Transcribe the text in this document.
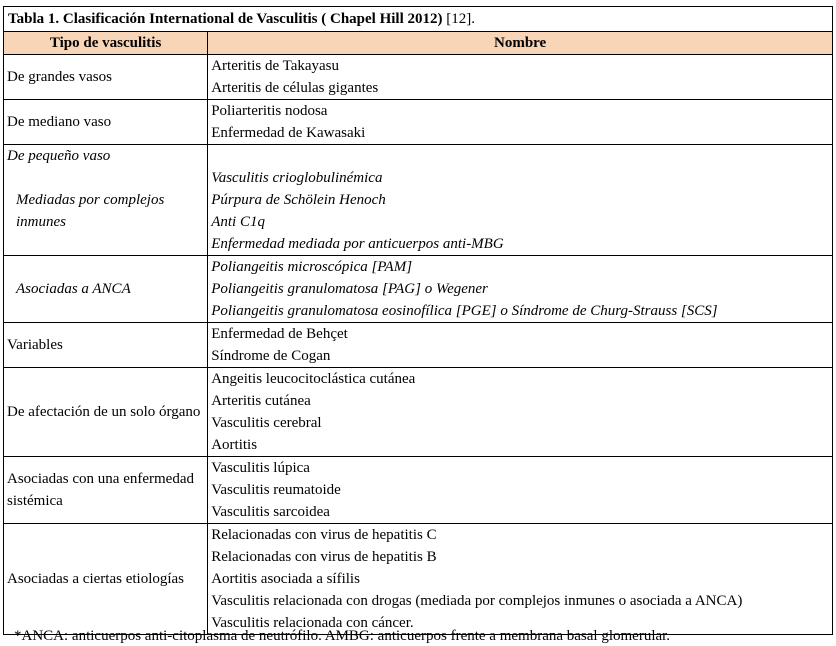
Tabla 1. Clasificación International de Vasculitis ( Chapel Hill 2012) [12].	
Tipo de vasculitis	Nombre
De grandes vasos	Arteritis de Takayasu
	Arteritis de células gigantes
De mediano vaso	Poliarteritis nodosa
	Enfermedad de Kawasaki
De pequeño vaso	
Mediadas por complejos inmunes	Vasculitis crioglobulinémica
	Púrpura de Schölein Henoch
	Anti C1q
	Enfermedad mediada por anticuerpos anti-MBG
Asociadas a ANCA	Poliangeitis microscópica [PAM]
	Poliangeitis granulomatosa [PAG] o Wegener
	Poliangeitis granulomatosa eosinofílica [PGE] o Síndrome de Churg-Strauss [SCS]
Variables	Enfermedad de Behçet
	Síndrome de Cogan
De afectación de un solo órgano	Angeitis leucocitoclástica cutánea
	Arteritis cutánea
	Vasculitis cerebral
	Aortitis
Asociadas con una enfermedad sistémica	Vasculitis lúpica
	Vasculitis reumatoide
	Vasculitis sarcoidea
Asociadas a ciertas etiologías	Relacionadas con virus de hepatitis C
	Relacionadas con virus de hepatitis B
	Aortitis asociada a sífilis
	Vasculitis relacionada con drogas (mediada por complejos inmunes o asociada a ANCA)
	Vasculitis relacionada con cáncer.
*ANCA: anticuerpos anti-citoplasma de neutrófilo. AMBG: anticuerpos frente a membrana basal glomerular.
